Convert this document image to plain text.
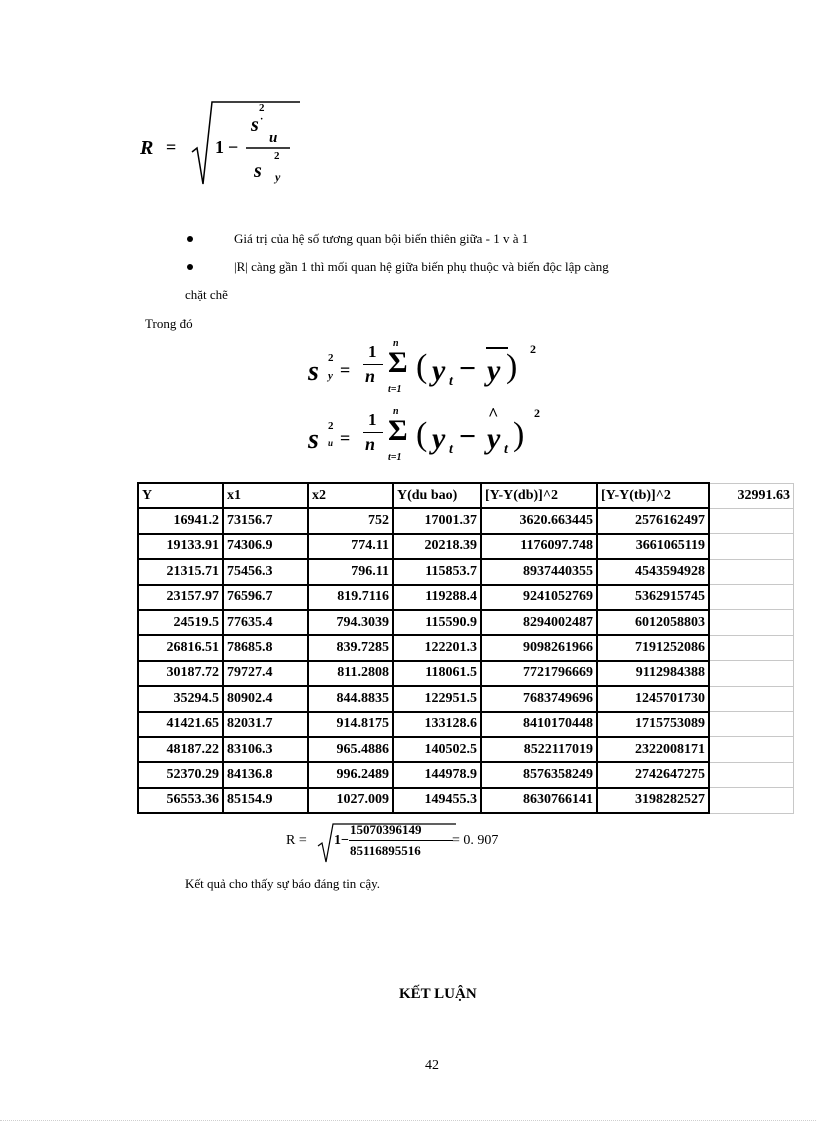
R = 1 −
s
2
·
u
s
2
y
Giá trị của hệ số tương quan bội biến thiên giữa - 1 v à 1
|R| càng gần 1 thì mối quan hệ giữa biến phụ thuộc và biến độc lập càng
chặt chẽ
Trong đó
s 2
y =
1
n
n
Σ
t=1
( y t − y ) 2
s 2
u =
1
n
n
Σ
t=1
( y t −
^
y t )
2
Y	x1	x2	Y(du bao)	[Y-Y(db)]^2	[Y-Y(tb)]^2	32991.63
16941.2	73156.7	752	17001.37	3620.663445	2576162497	
19133.91	74306.9	774.11	20218.39	1176097.748	3661065119	
21315.71	75456.3	796.11	115853.7	8937440355	4543594928	
23157.97	76596.7	819.7116	119288.4	9241052769	5362915745	
24519.5	77635.4	794.3039	115590.9	8294002487	6012058803	
26816.51	78685.8	839.7285	122201.3	9098261966	7191252086	
30187.72	79727.4	811.2808	118061.5	7721796669	9112984388	
35294.5	80902.4	844.8835	122951.5	7683749696	1245701730	
41421.65	82031.7	914.8175	133128.6	8410170448	1715753089	
48187.22	83106.3	965.4886	140502.5	8522117019	2322008171	
52370.29	84136.8	996.2489	144978.9	8576358249	2742647275	
56553.36	85154.9	1027.009	149455.3	8630766141	3198282527	
R = 1−
15070396149
85116895516
= 0. 907
Kết quả cho thấy sự báo đáng tin cậy.
KẾT LUẬN
42
